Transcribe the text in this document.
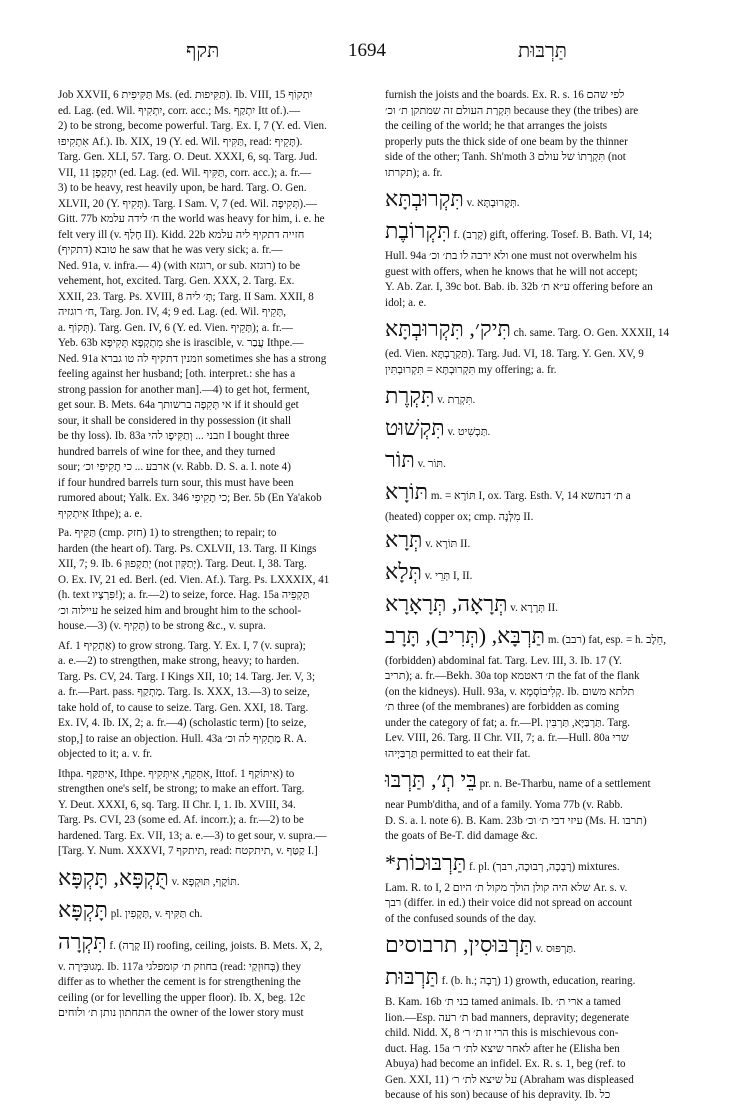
תּקף	1694	תַּרְבּוּת
Job XXVII, 6 תַּקִּיפִית Ms. (ed. תַּקִּיפוּת). Ib. VIII, 15 יִתְקוֹף
ed. Lag. (ed. Wil. יִתְקִיף, corr. acc.; Ms. יִתְקַף Itt of.).—
2) to be strong, become powerful. Targ. Ex. I, 7 (Y. ed. Vien.
אִתְקִיפוּ Af.). Ib. XIX, 19 (Y. ed. Wil. תַּקִּיף, read: תָּקֵיף).
Targ. Gen. XLI, 57. Targ. O. Deut. XXXI, 6, sq. Targ. Jud.
VII, 11 יִתְקְפָן (ed. Lag. (ed. Wil. תַּקִּיף, corr. acc.); a. fr.—
3) to be heavy, rest heavily upon, be hard. Targ. O. Gen.
XLVII, 20 (Y. תְּקִיף). Targ. I Sam. V, 7 (ed. Wil. תְּקִיפָה).—
Gitt. 77b ח׳ לידה עלמא the world was heavy for him, i. e. he
felt very ill (v. חָלַף II). Kidd. 22b חזייה דתקיף ליה עלמא
(דתקיף) טובא he saw that he was very sick; a. fr.—
Ned. 91a, v. infra.— 4) (with רוגזא, or sub. רוגזא) to be
vehement, hot, excited. Targ. Gen. XXX, 2. Targ. Ex.
XXII, 23. Targ. Ps. XVIII, 8 תְּ׳ ליה; Targ. II Sam. XXII, 8
ח׳ רוגזיה, Targ. Jon. IV, 4; 9 ed. Lag. (ed. Wil. תְּקֵיף,
a. תְּקוֹף). Targ. Gen. IV, 6 (Y. ed. Vien. תְּקֵיף); a. fr.—
Yeb. 63b מִתְקְפָא תְּקִיפָא she is irascible, v. עֲבַר Ithpe.—
Ned. 91a וזמנין דתקיף לה טו גברא sometimes she has a strong
feeling against her husband; [oth. interpret.: she has a
strong passion for another man].—4) to get hot, ferment,
get sour. B. Mets. 64a אי תְּקִפָה ברשותך if it should get
sour, it shall be considered in thy possession (it shall
be thy loss). Ib. 83a וזבני ... וְתַקִּיפָו להי I bought three
hundred barrels of wine for thee, and they turned
sour; ארבע ... כי תָקִיפִי וכ׳ (v. Rabb. D. S. a. l. note 4)
if four hundred barrels turn sour, this must have been
rumored about; Yalk. Ex. 346 כי תָקִיפִי; Ber. 5b (En Ya'akob
אִיתְקִיף Ithpe); a. e.
Pa. תַּקִּיף (cmp. חזק) 1) to strengthen; to repair; to
harden (the heart of). Targ. Ps. CXLVII, 13. Targ. II Kings
XII, 7; 9. Ib. 6 יְתַקְפוּן (not יְתַקְּיִן). Targ. Deut. I, 38. Targ.
O. Ex. IV, 21 ed. Berl. (ed. Vien. Af.). Targ. Ps. LXXXIX, 41
(h. text פִּרְצָיו!); a. fr.—2) to seize, force. Hag. 15a תַּקְפֵיה
עיילוה וכ׳ he seized him and brought him to the school-
house.—3) (v. תְּקִיף) to be strong &c., v. supra.
Af. אַתְקִיף 1) to grow strong. Targ. Y. Ex. I, 7 (v. supra);
a. e.—2) to strengthen, make strong, heavy; to harden.
Targ. Ps. CV, 24. Targ. I Kings XII, 10; 14. Targ. Jer. V, 3;
a. fr.—Part. pass. מַתְקַף. Targ. Is. XXX, 13.—3) to seize,
take hold of, to cause to seize. Targ. Gen. XXI, 18. Targ.
Ex. IV, 4. Ib. IX, 2; a. fr.—4) (scholastic term) [to seize,
stop,] to raise an objection. Hull. 43a מַתְקִיף לה וכ׳ R. A.
objected to it; a. v. fr.
Ithpa. אִיתַּקַּף, Ithpe. אִתְּקֵף, אִיתְּקִיף, Ittof. אִיתּוֹקַף 1) to
strengthen one's self, be strong; to make an effort. Targ.
Y. Deut. XXXI, 6, sq. Targ. II Chr. I, 1. Ib. XVIII, 34.
Targ. Ps. CVI, 23 (some ed. Af. incorr.); a. fr.—2) to be
hardened. Targ. Ex. VII, 13; a. e.—3) to get sour, v. supra.—
[Targ. Y. Num. XXXVI, 7 תיתקף, read: תיתקטח, v. קַטַּף I.]
תֻּקְפָּא, תָּקְפָּא v. תּוֹקֶף, תּוּקְפָא.
תָּקְפָּא pl. תְּקָפִין, v. תַּקִּיף ch.
תִּקְרָה f. (קָרָה II) roofing, ceiling, joists. B. Mets. X, 2,
v. מְגוּבִּירָה. Ib. 117a בחוזק ת׳ קומפלגי (read: בְּחוּזְקַי) they
differ as to whether the cement is for strengthening the
ceiling (or for levelling the upper floor). Ib. X, beg. 12c
התחתון נותן ת׳ ולוחים the owner of the lower story must
furnish the joists and the boards. Ex. R. s. 16 לפי שהם
תִּקְרַת העולם זה שמתקן ת׳ וכ׳ because they (the tribes) are
the ceiling of the world; he that arranges the joists
properly puts the thick side of one beam by the thinner
side of the other; Tanh. Sh'moth 3 תִּקְרָתוֹ של עולם (not
תקרתו); a. fr.
תִּקְרוּבְתָּא v. תְּקָרוּבְתָּא.
תִּקְרוֹבֶת f. (קָרַב) gift, offering. Tosef. B. Bath. VI, 14;
Hull. 94a ולא ירבה לו בת׳ וכ׳ one must not overwhelm his
guest with offers, when he knows that he will not accept;
Y. Ab. Zar. I, 39c bot. Bab. ib. 32b ע״א ת׳ offering before an
idol; a. e.
תִּיק׳, תִּקְרוּבְתָּא ch. same. Targ. O. Gen. XXXII, 14
(ed. Vien. תַּקְרֻבְתָּא). Targ. Jud. VI, 18. Targ. Y. Gen. XV, 9
תִּקְרוּבְתָּא = תִּקְרוּבְתִּין my offering; a. fr.
תִּקְרֶת v. תִּקְרַת.
תִּקְשׁוּט v. תַּכְשִׁיט.
תּוֹר v. תּוֹר.
תּוֹרָא m. = תּוֹרָא I, ox. Targ. Esth. V, 14 ת׳ דנחשא a
(heated) copper ox; cmp. מִלְּנָה II.
תְּרָא v. תּוֹרָא II.
תְּלָא v. תְּרֵי I, II.
תְּרָאָה, תְּרָאָרָא v. תְּרָרָא II.
תַּרְבָּא, (תְּרִיב), תָּרָב m. (רבב) fat, esp. = h. חֵלֶב,
(forbidden) abdominal fat. Targ. Lev. III, 3. Ib. 17 (Y.
תריב); a. fr.—Bekh. 30a top ת׳ דאטמא the fat of the flank
(on the kidneys). Hull. 93a, v. קְלִיבוֹסְמָא. Ib. תלתא משום
ת׳ three (of the membranes) are forbidden as coming
under the category of fat; a. fr.—Pl. תַּרְבַּיָּא, תַּרְבִּין. Targ.
Lev. VIII, 26. Targ. II Chr. VII, 7; a. fr.—Hull. 80a שרי
תַּרְבַּיְיהוּ permitted to eat their fat.
בֵּי תְ׳, תַּרְבּוּ pr. n. Be-Tharbu, name of a settlement
near Pumb'ditha, and of a family. Yoma 77b (v. Rabb.
D. S. a. l. note 6). B. Kam. 23b עיזי דבי ת׳ וכ׳ (Ms. H. תרבו)
the goats of Be-T. did damage &c.
*תַּרְבּוּכוֹת f. pl. (רָבְכָה, רְבוּכָה, רבך) mixtures.
Lam. R. to I, 2 שלא היה קולן הולך מקול ת׳ היום Ar. s. v.
רבך (differ. in ed.) their voice did not spread on account
of the confused sounds of the day.
תַּרְבּוּסִין, תרבוסים v. תַּרְפּוּס.
תַּרְבּוּת f. (b. h.; רָבָה) 1) growth, education, rearing.
B. Kam. 16b בני ת׳ tamed animals. Ib. ארי ת׳ a tamed
lion.—Esp. ת׳ רעה bad manners, depravity; degenerate
child. Nidd. X, 8 הרי זו ת׳ ר׳ this is mischievous con-
duct. Hag. 15a לאחר שיצא לת׳ ר׳ after he (Elisha ben
Abuya) had become an infidel. Ex. R. s. 1, beg (ref. to
Gen. XXI, 11) על שיצא לת׳ ר׳ (Abraham was displeased
because of his son) because of his depravity. Ib. כל
